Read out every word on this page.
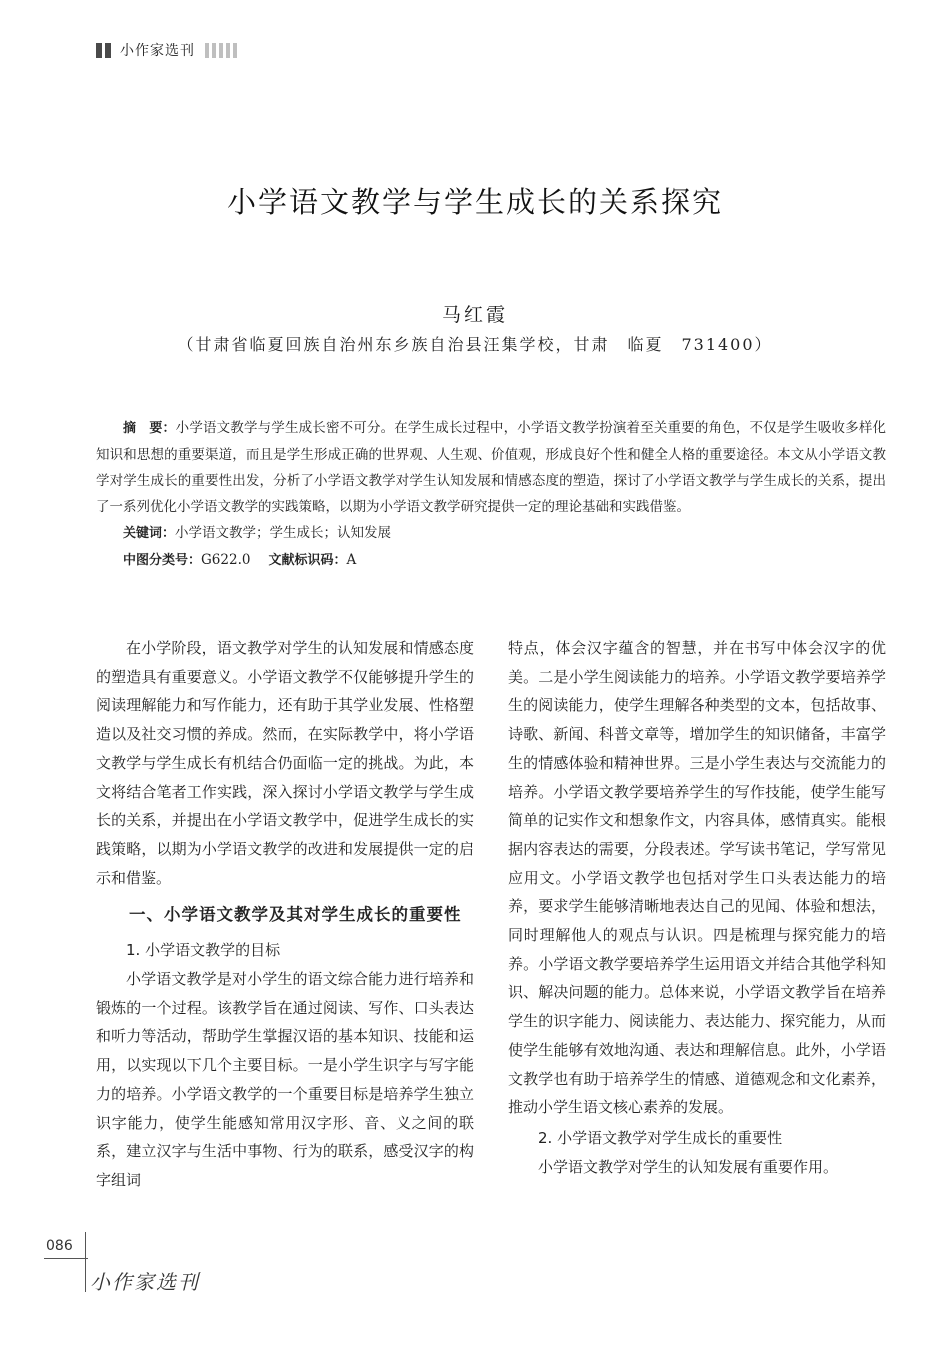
小作家选刊
小学语文教学与学生成长的关系探究
马红霞
（甘肃省临夏回族自治州东乡族自治县汪集学校，甘肃　临夏　731400）

摘　要：小学语文教学与学生成长密不可分。在学生成长过程中，小学语文教学扮演着至关重要的角色，不仅是学生吸收多样化知识和思想的重要渠道，而且是学生形成正确的世界观、人生观、价值观，形成良好个性和健全人格的重要途径。本文从小学语文教学对学生成长的重要性出发，分析了小学语文教学对学生认知发展和情感态度的塑造，探讨了小学语文教学与学生成长的关系，提出了一系列优化小学语文教学的实践策略，以期为小学语文教学研究提供一定的理论基础和实践借鉴。

关键词：小学语文教学；学生成长；认知发展

中图分类号：G622.0 文献标识码：A

在小学阶段，语文教学对学生的认知发展和情感态度的塑造具有重要意义。小学语文教学不仅能够提升学生的阅读理解能力和写作能力，还有助于其学业发展、性格塑造以及社交习惯的养成。然而，在实际教学中，将小学语文教学与学生成长有机结合仍面临一定的挑战。为此，本文将结合笔者工作实践，深入探讨小学语文教学与学生成长的关系，并提出在小学语文教学中，促进学生成长的实践策略，以期为小学语文教学的改进和发展提供一定的启示和借鉴。

一、小学语文教学及其对学生成长的重要性

1. 小学语文教学的目标

小学语文教学是对小学生的语文综合能力进行培养和锻炼的一个过程。该教学旨在通过阅读、写作、口头表达和听力等活动，帮助学生掌握汉语的基本知识、技能和运用，以实现以下几个主要目标。一是小学生识字与写字能力的培养。小学语文教学的一个重要目标是培养学生独立识字能力，使学生能感知常用汉字形、音、义之间的联系，建立汉字与生活中事物、行为的联系，感受汉字的构字组词

特点，体会汉字蕴含的智慧，并在书写中体会汉字的优美。二是小学生阅读能力的培养。小学语文教学要培养学生的阅读能力，使学生理解各种类型的文本，包括故事、诗歌、新闻、科普文章等，增加学生的知识储备，丰富学生的情感体验和精神世界。三是小学生表达与交流能力的培养。小学语文教学要培养学生的写作技能，使学生能写简单的记实作文和想象作文，内容具体，感情真实。能根据内容表达的需要，分段表述。学写读书笔记，学写常见应用文。小学语文教学也包括对学生口头表达能力的培养，要求学生能够清晰地表达自己的见闻、体验和想法，同时理解他人的观点与认识。四是梳理与探究能力的培养。小学语文教学要培养学生运用语文并结合其他学科知识、解决问题的能力。总体来说，小学语文教学旨在培养学生的识字能力、阅读能力、表达能力、探究能力，从而使学生能够有效地沟通、表达和理解信息。此外，小学语文教学也有助于培养学生的情感、道德观念和文化素养，推动小学生语文核心素养的发展。

2. 小学语文教学对学生成长的重要性

小学语文教学对学生的认知发展有重要作用。

086
小作家选刊
